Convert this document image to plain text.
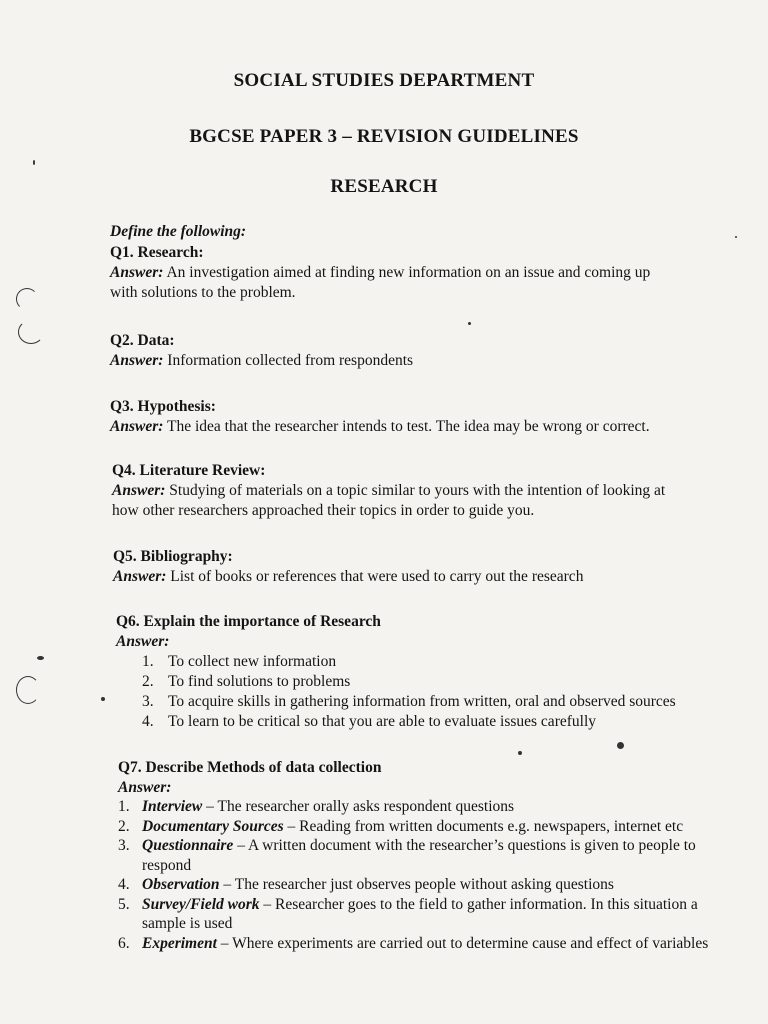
SOCIAL STUDIES DEPARTMENT
BGCSE PAPER 3 – REVISION GUIDELINES
RESEARCH
Define the following:
Q1. Research:
Answer: An investigation aimed at finding new information on an issue and coming up
with solutions to the problem.
Q2. Data:
Answer: Information collected from respondents
Q3. Hypothesis:
Answer: The idea that the researcher intends to test. The idea may be wrong or correct.
Q4. Literature Review:
Answer: Studying of materials on a topic similar to yours with the intention of looking at
how other researchers approached their topics in order to guide you.
Q5. Bibliography:
Answer: List of books or references that were used to carry out the research
Q6. Explain the importance of Research
Answer:
1. To collect new information
2. To find solutions to problems
3. To acquire skills in gathering information from written, oral and observed sources
4. To learn to be critical so that you are able to evaluate issues carefully
Q7. Describe Methods of data collection
Answer:
1. Interview – The researcher orally asks respondent questions
2. Documentary Sources – Reading from written documents e.g. newspapers, internet etc
3. Questionnaire – A written document with the researcher’s questions is given to people to respond
4. Observation – The researcher just observes people without asking questions
5. Survey/Field work – Researcher goes to the field to gather information. In this situation a sample is used
6. Experiment – Where experiments are carried out to determine cause and effect of variables
